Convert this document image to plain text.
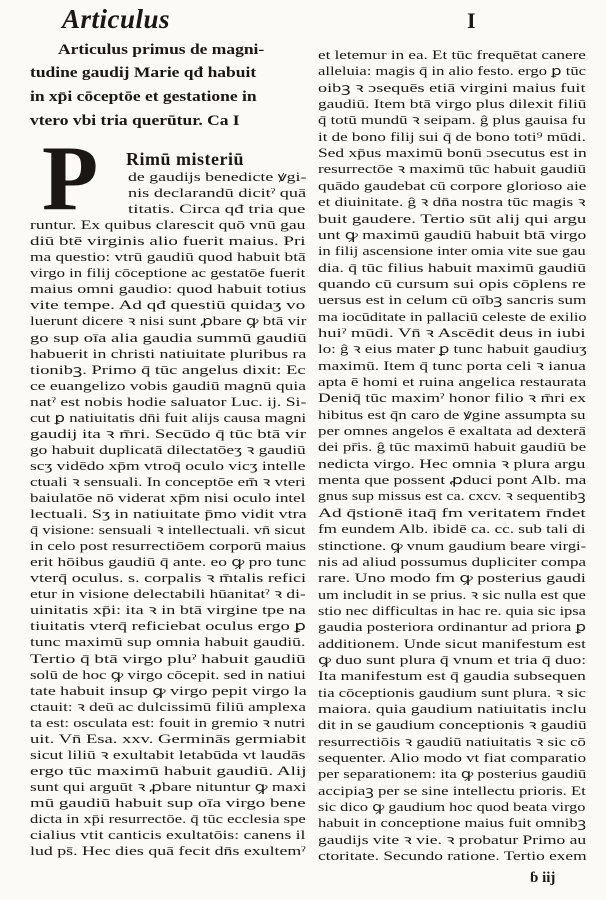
Articulus	I
Articulus primus de magni-
tudine gaudij Marie qđ habuit
in xp̄i cōceptōe et gestatione in
vtero vbi tria querūtur. Ca I
P Rimū misteriū
de gaudijs benedicte ꝟgi-
nis declarandū dicitˀ quā
titatis. Circa qđ tria que
runtur. Ex quibus clarescit quō vnū gau
diū btē virginis alio fuerit maius. Pri
ma questio: vtrū gaudiū quod habuit btā
virgo in filij cōceptione ac gestatōe fuerit
maius omni gaudio: quod habuit totius
vite tempe. Ad qđ questiū quidaʒ vo
luerunt dicere ꝛ nisi sunt ꝓbare ꝙ btā vir
go sup oīa alia gaudia summū gaudiū
habuerit in christi natiuitate pluribus ra
tionibꝫ. Primo q̄ tūc angelus dixit: Ec
ce euangelizo vobis gaudiū magnū quia
natˀ est nobis hodie saluator Luc. ij. Si-
cut ꝑ natiuitatis dn̄i fuit alijs causa magni
gaudij ita ꝛ m̄ri. Secūdo q̄ tūc btā vir
go habuit duplicatā dilectatōeʒ ꝛ gaudiū
scʒ vidēdo xp̄m vtroq̄ oculo vicʒ intelle
ctuali ꝛ sensuali. In conceptōe em̄ ꝛ vteri
baiulatōe nō viderat xp̄m nisi oculo intel
lectuali. Sʒ in natiuitate p̄mo vidit vtra
q̄ visione: sensuali ꝛ intellectuali. vn̄ sicut
in celo post resurrectiōem corporū maius
erit hōibus gaudiū q̄ ante. eo ꝙ pro tunc
vterq̄ oculus. s. corpalis ꝛ m̄talis refici
etur in visione delectabili hūanitatˀ ꝛ di-
uinitatis xp̄i: ita ꝛ in btā virgine tpe na
tiuitatis vterq̄ reficiebat oculus ergo ꝑ
tunc maximū sup omnia habuit gaudiū.
Tertio q̄ btā virgo pluˀ habuit gaudiū
solū de hoc ꝙ virgo cōcepit. sed in natiui
tate habuit insup ꝙ virgo pepit virgo la
ctauit: ꝛ deū ac dulcissimū filiū amplexa
ta est: osculata est: fouit in gremio ꝛ nutri
uit. Vn̄ Esa. xxv. Germinās germiabit
sicut liliū ꝛ exultabit letabūda vt laudās
ergo tūc maximū habuit gaudiū. Alij
sunt qui arguūt ꝛ ꝓbare nituntur ꝙ maxi
mū gaudiū habuit sup oīa virgo bene
dicta in xp̄i resurrectōe. q̄ tūc ecclesia spe
cialius vtit canticis exultatōis: canens il
lud ps̄. Hec dies quā fecit dn̄s exultemˀ
et letemur in ea. Et tūc frequētat canere
alleluia: magis q̄ in alio festo. ergo ꝑ tūc
oibꝫ ꝛ ɔsequēs etiā virgini maius fuit
gaudiū. Item btā virgo plus dilexit filiū
q̄ totū mundū ꝛ seipam. ĝ plus gauisa fu
it de bono filij sui q̄ de bono toti⁹ mūdi.
Sed xp̄us maximū bonū ɔsecutus est in
resurrectōe ꝛ maximū tūc habuit gaudiū
quādo gaudebat cū corpore glorioso aie
et diuinitate. ĝ ꝛ dn̄a nostra tūc magis ꝛ
buit gaudere. Tertio sūt alij qui argu
unt ꝙ maximū gaudiū habuit btā virgo
in filij ascensione inter omia vite sue gau
dia. q̄ tūc filius habuit maximū gaudiū
quando cū cursum sui opis cōplens re
uersus est in celum cū oībꝫ sancris sum
ma iocūditate in pallaciū celeste de exilio
huiˀ mūdi. Vn̄ ꝛ Ascēdit deus in iubi
lo: ĝ ꝛ eius mater ꝑ tunc habuit gaudiuʒ
maximū. Item q̄ tunc porta celi ꝛ ianua
apta ē homi et ruina angelica restaurata
Deniq̄ tūc maximˀ honor filio ꝛ m̄ri ex
hibitus est q̄n caro de ꝟgine assumpta su
per omnes angelos ē exaltata ad dexterā
dei pr̄is. ĝ tūc maximū habuit gaudiū be
nedicta virgo. Hec omnia ꝛ plura argu
menta que possent ꝓduci pont Alb. ma
gnus sup missus est ca. cxcv. ꝛ sequentibꝫ
Ad q̄stionē itaq̄ fm veritatem r̄ndet
fm eundem Alb. ibidē ca. cc. sub tali di
stinctione. ꝙ vnum gaudium beare virgi-
nis ad aliud possumus dupliciter compa
rare. Uno modo fm ꝙ posterius gaudi
um includit in se prius. ꝛ sic nulla est que
stio nec difficultas in hac re. quia sic ipsa
gaudia posteriora ordinantur ad priora ꝑ
additionem. Unde sicut manifestum est
ꝙ duo sunt plura q̄ vnum et tria q̄ duo:
Ita manifestum est q̄ gaudia subsequen
tia cōceptionis gaudium sunt plura. ꝛ sic
maiora. quia gaudium natiuitatis inclu
dit in se gaudium conceptionis ꝛ gaudiū
resurrectiōis ꝛ gaudiū natiuitatis ꝛ sic cō
sequenter. Alio modo vt fiat comparatio
per separationem: ita ꝙ posterius gaudiū
accipiaꝫ per se sine intellectu prioris. Et
sic dico ꝙ gaudium hoc quod beata virgo
habuit in conceptione maius fuit omnibꝫ
gaudijs vite ꝛ vie. ꝛ probatur Primo au
ctoritate. Secundo ratione. Tertio exem
ɓ iij
